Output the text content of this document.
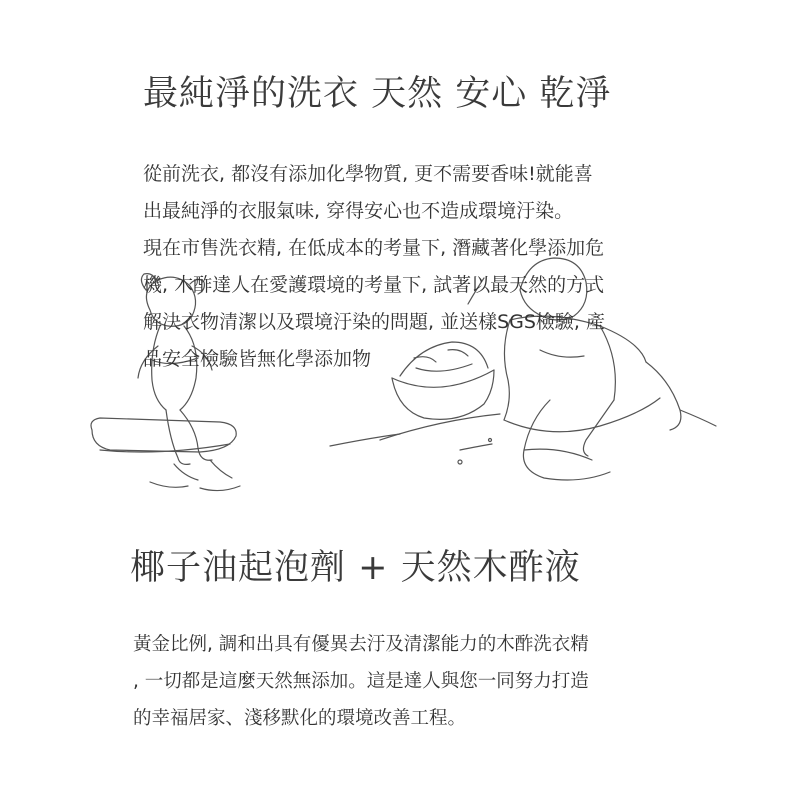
最純淨的洗衣 天然 安心 乾淨

從前洗衣, 都沒有添加化學物質, 更不需要香味!就能喜

出最純淨的衣服氣味, 穿得安心也不造成環境汙染。

現在市售洗衣精, 在低成本的考量下, 潛藏著化學添加危

機, 木酢達人在愛護環境的考量下, 試著以最天然的方式

解決衣物清潔以及環境汙染的問題, 並送樣SGS檢驗, 產

品安全檢驗皆無化學添加物

椰子油起泡劑 + 天然木酢液

黃金比例, 調和出具有優異去汙及清潔能力的木酢洗衣精

, 一切都是這麼天然無添加。這是達人與您一同努力打造

的幸福居家、淺移默化的環境改善工程。
